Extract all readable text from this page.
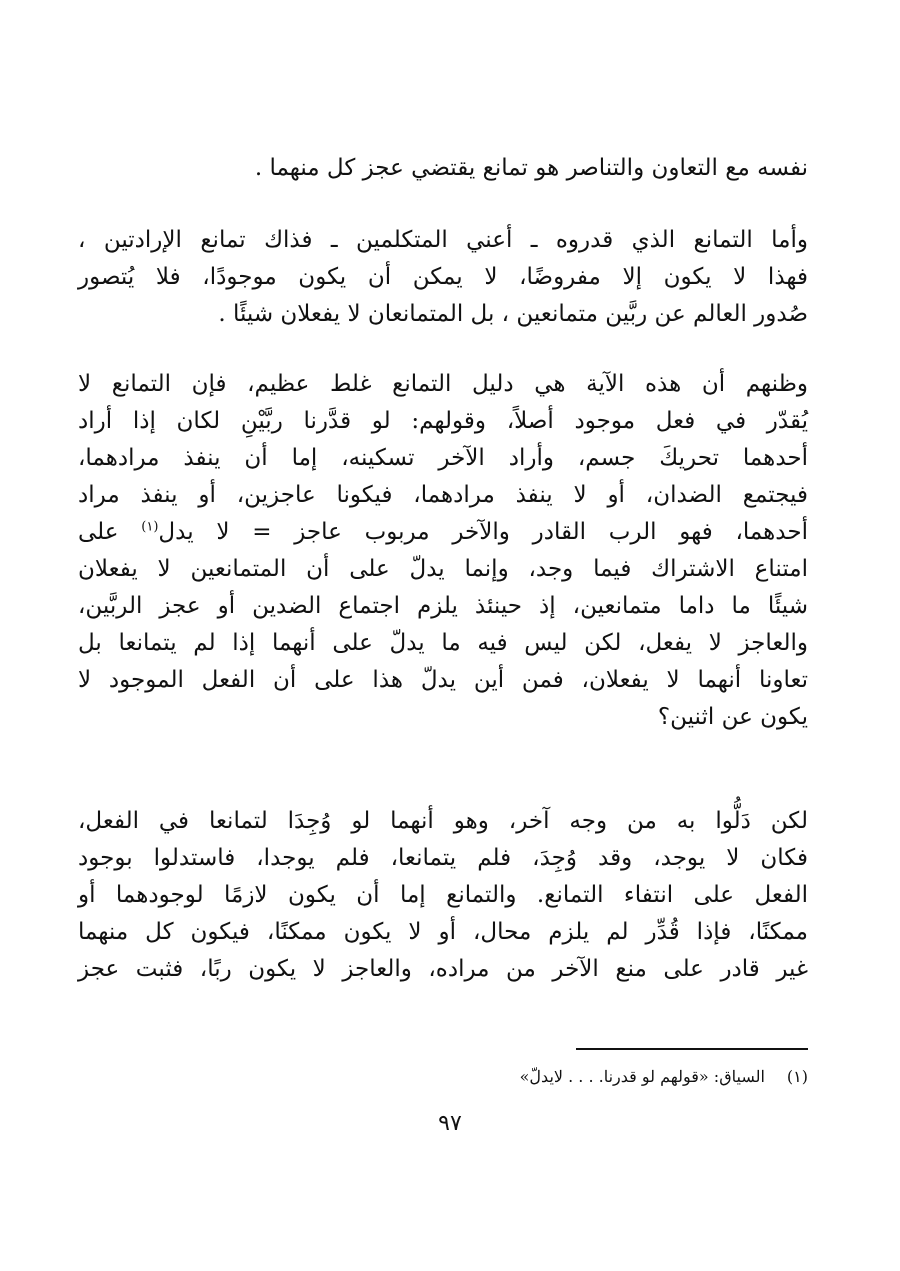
نفسه مع التعاون والتناصر هو تمانع يقتضي عجز كل منهما .
وأما التمانع الذي قدروه ـ أعني المتكلمين ـ فذاك تمانع الإرادتين ،
فهذا لا يكون إلا مفروضًا، لا يمكن أن يكون موجودًا، فلا يُتصور
صُدور العالم عن ربَّين متمانعين ، بل المتمانعان لا يفعلان شيئًا .
وظنهم أن هذه الآية هي دليل التمانع غلط عظيم، فإن التمانع لا
يُقدّر في فعل موجود أصلاً، وقولهم: لو قدَّرنا ربَّيْنِ لكان إذا أراد
أحدهما تحريكَ جسم، وأراد الآخر تسكينه، إما أن ينفذ مرادهما،
فيجتمع الضدان، أو لا ينفذ مرادهما، فيكونا عاجزين، أو ينفذ مراد
أحدهما، فهو الرب القادر والآخر مربوب عاجز = لا يدل$^{(١)}$ على
امتناع الاشتراك فيما وجد، وإنما يدلّ على أن المتمانعين لا يفعلان
شيئًا ما داما متمانعين، إذ حينئذ يلزم اجتماع الضدين أو عجز الربَّين،
والعاجز لا يفعل، لكن ليس فيه ما يدلّ على أنهما إذا لم يتمانعا بل
تعاونا أنهما لا يفعلان، فمن أين يدلّ هذا على أن الفعل الموجود لا
يكون عن اثنين؟
لكن دَلُّوا به من وجه آخر، وهو أنهما لو وُجِدَا لتمانعا في الفعل،
فكان لا يوجد، وقد وُجِدَ، فلم يتمانعا، فلم يوجدا، فاستدلوا بوجود
الفعل على انتفاء التمانع. والتمانع إما أن يكون لازمًا لوجودهما أو
ممكنًا، فإذا قُدِّر لم يلزم محال، أو لا يكون ممكنًا، فيكون كل منهما
غير قادر على منع الآخر من مراده، والعاجز لا يكون ربًا، فثبت عجز
(١)السياق: «قولهم لو قدرنا. . . . لايدلّ»
٩٧
